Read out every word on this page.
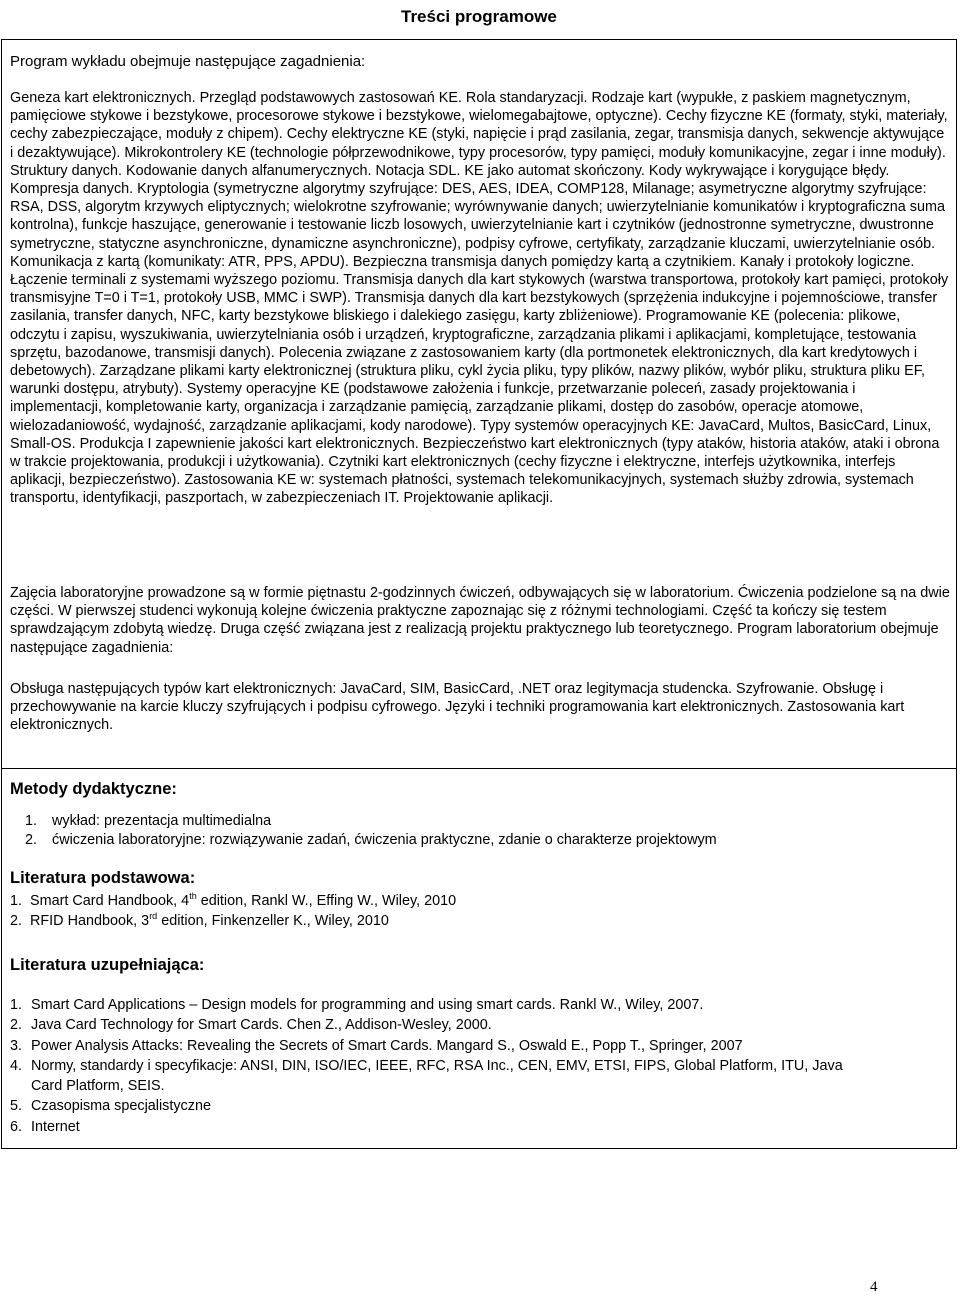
Treści programowe
Program wykładu obejmuje następujące zagadnienia:

Geneza kart elektronicznych. Przegląd podstawowych zastosowań KE. Rola standaryzacji. Rodzaje kart (wypukłe, z paskiem magnetycznym, pamięciowe stykowe i bezstykowe, procesorowe stykowe i bezstykowe, wielomegabajtowe, optyczne). Cechy fizyczne KE (formaty, styki, materiały, cechy zabezpieczające, moduły z chipem). Cechy elektryczne KE (styki, napięcie i prąd zasilania, zegar, transmisja danych, sekwencje aktywujące i dezaktywujące). Mikrokontrolery KE (technologie półprzewodnikowe, typy procesorów, typy pamięci, moduły komunikacyjne, zegar i inne moduły). Struktury danych. Kodowanie danych alfanumerycznych. Notacja SDL. KE jako automat skończony. Kody wykrywające i korygujące błędy. Kompresja danych. Kryptologia (symetryczne algorytmy szyfrujące: DES, AES, IDEA, COMP128, Milanage; asymetryczne algorytmy szyfrujące: RSA, DSS, algorytm krzywych eliptycznych; wielokrotne szyfrowanie; wyrównywanie danych; uwierzytelnianie komunikatów i kryptograficzna suma kontrolna), funkcje haszujące, generowanie i testowanie liczb losowych, uwierzytelnianie kart i czytników (jednostronne symetryczne, dwustronne symetryczne, statyczne asynchroniczne, dynamiczne asynchroniczne), podpisy cyfrowe, certyfikaty, zarządzanie kluczami, uwierzytelnianie osób. Komunikacja z kartą (komunikaty: ATR, PPS, APDU). Bezpieczna transmisja danych pomiędzy kartą a czytnikiem. Kanały i protokoły logiczne. Łączenie terminali z systemami wyższego poziomu. Transmisja danych dla kart stykowych (warstwa transportowa, protokoły kart pamięci, protokoły transmisyjne T=0 i T=1, protokoły USB, MMC i SWP). Transmisja danych dla kart bezstykowych (sprzężenia indukcyjne i pojemnościowe, transfer zasilania, transfer danych, NFC, karty bezstykowe bliskiego i dalekiego zasięgu, karty zbliżeniowe). Programowanie KE (polecenia: plikowe, odczytu i zapisu, wyszukiwania, uwierzytelniania osób i urządzeń, kryptograficzne, zarządzania plikami i aplikacjami, kompletujące, testowania sprzętu, bazodanowe, transmisji danych). Polecenia związane z zastosowaniem karty (dla portmonetek elektronicznych, dla kart kredytowych i debetowych). Zarządzane plikami karty elektronicznej (struktura pliku, cykl życia pliku, typy plików, nazwy plików, wybór pliku, struktura pliku EF, warunki dostępu, atrybuty). Systemy operacyjne KE (podstawowe założenia i funkcje, przetwarzanie poleceń, zasady projektowania i implementacji, kompletowanie karty, organizacja i zarządzanie pamięcią, zarządzanie plikami, dostęp do zasobów, operacje atomowe, wielozadaniowość, wydajność, zarządzanie aplikacjami, kody narodowe). Typy systemów operacyjnych KE: JavaCard, Multos, BasicCard, Linux, Small-OS. Produkcja I zapewnienie jakości kart elektronicznych. Bezpieczeństwo kart elektronicznych (typy ataków, historia ataków, ataki i obrona w trakcie projektowania, produkcji i użytkowania). Czytniki kart elektronicznych (cechy fizyczne i elektryczne, interfejs użytkownika, interfejs aplikacji, bezpieczeństwo). Zastosowania KE w: systemach płatności, systemach telekomunikacyjnych, systemach służby zdrowia, systemach transportu, identyfikacji, paszportach, w zabezpieczeniach IT. Projektowanie aplikacji.

Zajęcia laboratoryjne prowadzone są w formie piętnastu 2-godzinnych ćwiczeń, odbywających się w laboratorium. Ćwiczenia podzielone są na dwie części. W pierwszej studenci wykonują kolejne ćwiczenia praktyczne zapoznając się z różnymi technologiami. Część ta kończy się testem sprawdzającym zdobytą wiedzę. Druga część związana jest z realizacją projektu praktycznego lub teoretycznego. Program laboratorium obejmuje następujące zagadnienia:

Obsługa następujących typów kart elektronicznych: JavaCard, SIM, BasicCard, .NET oraz legitymacja studencka. Szyfrowanie. Obsługę i przechowywanie na karcie kluczy szyfrujących i podpisu cyfrowego. Języki i techniki programowania kart elektronicznych. Zastosowania kart elektronicznych.

Metody dydaktyczne:
1. wykład: prezentacja multimedialna
2. ćwiczenia laboratoryjne: rozwiązywanie zadań, ćwiczenia praktyczne, zdanie o charakterze projektowym
Literatura podstawowa:
1. Smart Card Handbook, 4th edition, Rankl W., Effing W., Wiley, 2010
2. RFID Handbook, 3rd edition, Finkenzeller K., Wiley, 2010
Literatura uzupełniająca:
1. Smart Card Applications – Design models for programming and using smart cards. Rankl W., Wiley, 2007.
2. Java Card Technology for Smart Cards. Chen Z., Addison-Wesley, 2000.
3. Power Analysis Attacks: Revealing the Secrets of Smart Cards. Mangard S., Oswald E., Popp T., Springer, 2007
4. Normy, standardy i specyfikacje: ANSI, DIN, ISO/IEC, IEEE, RFC, RSA Inc., CEN, EMV, ETSI, FIPS, Global Platform, ITU, Java
Card Platform, SEIS.
5. Czasopisma specjalistyczne
6. Internet
4
